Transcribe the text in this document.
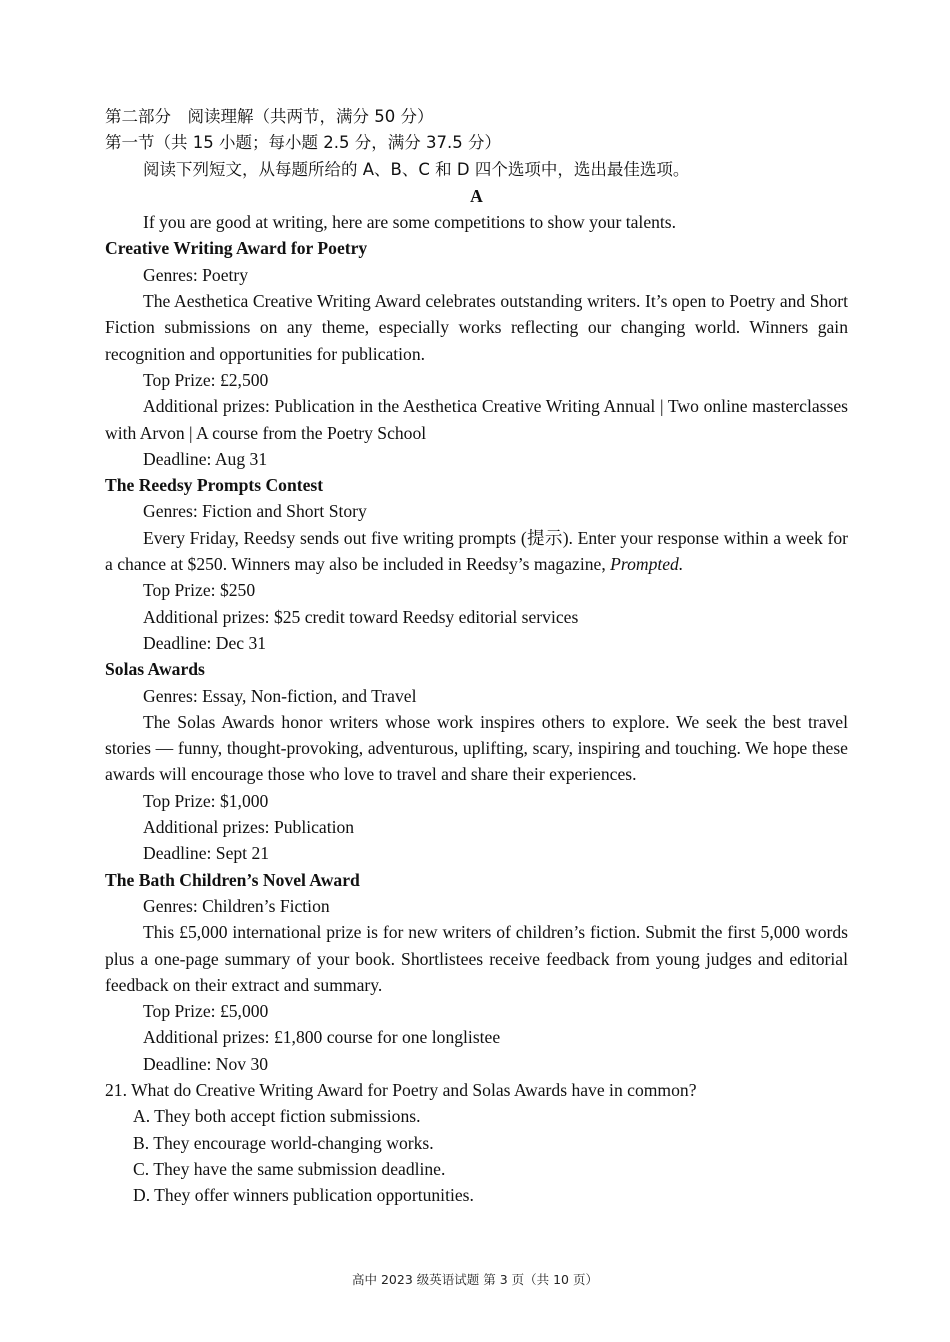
第二部分　阅读理解（共两节，满分 50 分）
第一节（共 15 小题；每小题 2.5 分，满分 37.5 分）
阅读下列短文，从每题所给的 A、B、C 和 D 四个选项中，选出最佳选项。
A
If you are good at writing, here are some competitions to show your talents.
Creative Writing Award for Poetry
Genres: Poetry
The Aesthetica Creative Writing Award celebrates outstanding writers. It’s open to Poetry and Short Fiction submissions on any theme, especially works reflecting our changing world. Winners gain recognition and opportunities for publication.
Top Prize: £2,500
Additional prizes: Publication in the Aesthetica Creative Writing Annual | Two online masterclasses with Arvon | A course from the Poetry School
Deadline: Aug 31
The Reedsy Prompts Contest
Genres: Fiction and Short Story
Every Friday, Reedsy sends out five writing prompts (提示). Enter your response within a week for a chance at $250. Winners may also be included in Reedsy’s magazine, Prompted.
Top Prize: $250
Additional prizes: $25 credit toward Reedsy editorial services
Deadline: Dec 31
Solas Awards
Genres: Essay, Non-fiction, and Travel
The Solas Awards honor writers whose work inspires others to explore. We seek the best travel stories — funny, thought-provoking, adventurous, uplifting, scary, inspiring and touching. We hope these awards will encourage those who love to travel and share their experiences.
Top Prize: $1,000
Additional prizes: Publication
Deadline: Sept 21
The Bath Children’s Novel Award
Genres: Children’s Fiction
This £5,000 international prize is for new writers of children’s fiction. Submit the first 5,000 words plus a one-page summary of your book. Shortlistees receive feedback from young judges and editorial feedback on their extract and summary.
Top Prize: £5,000
Additional prizes: £1,800 course for one longlistee
Deadline: Nov 30
21. What do Creative Writing Award for Poetry and Solas Awards have in common?
A. They both accept fiction submissions.
B. They encourage world-changing works.
C. They have the same submission deadline.
D. They offer winners publication opportunities.
高中 2023 级英语试题 第 3 页（共 10 页）
